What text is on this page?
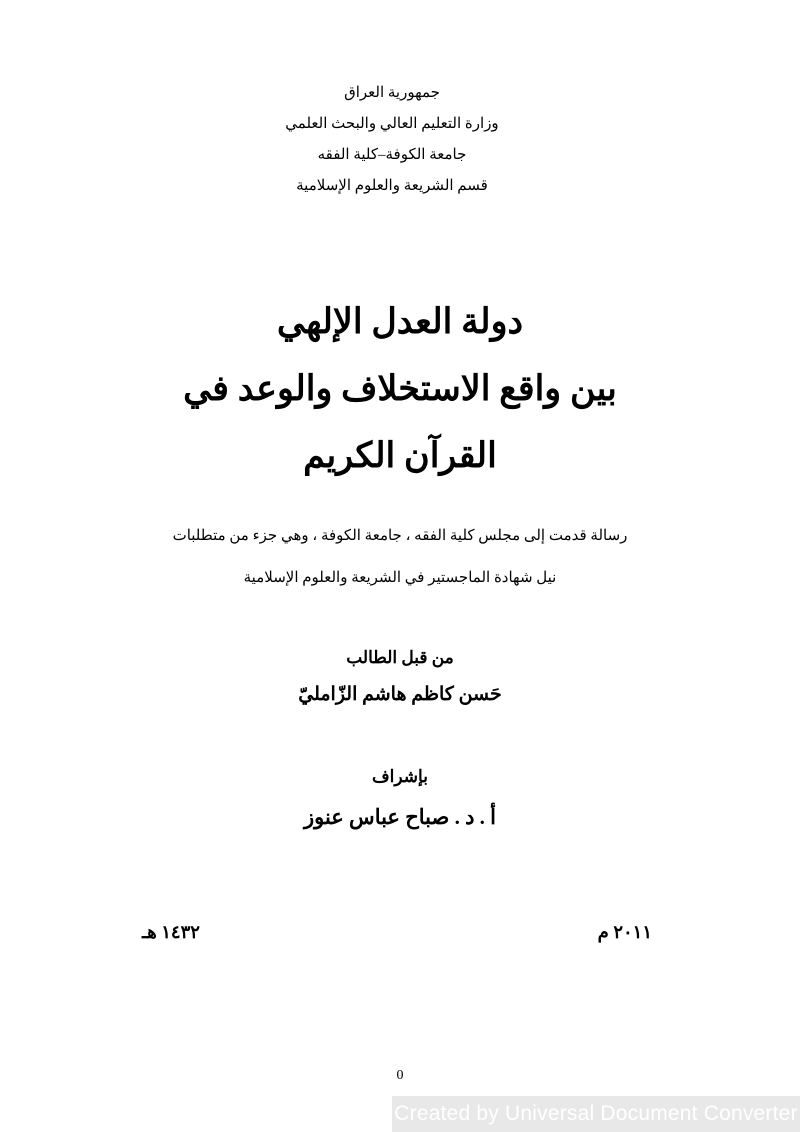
جمهورية العراق
وزارة التعليم العالي والبحث العلمي
جامعة الكوفة–كلية الفقه
قسم الشريعة والعلوم الإسلامية
دولة العدل الإلهي
بين واقع الاستخلاف والوعد في
القرآن الكريم
رسالة قدمت إلى مجلس كلية الفقه ، جامعة الكوفة ، وهي جزء من متطلبات
نيل شهادة الماجستير في الشريعة والعلوم الإسلامية
من قبل الطالب
حَسن كاظم هاشم الزّامليّ
بإشراف
أ . د . صباح عباس عنوز
١٤٣٢ هـ	٢٠١١ م
0
Created by Universal Document Converter
